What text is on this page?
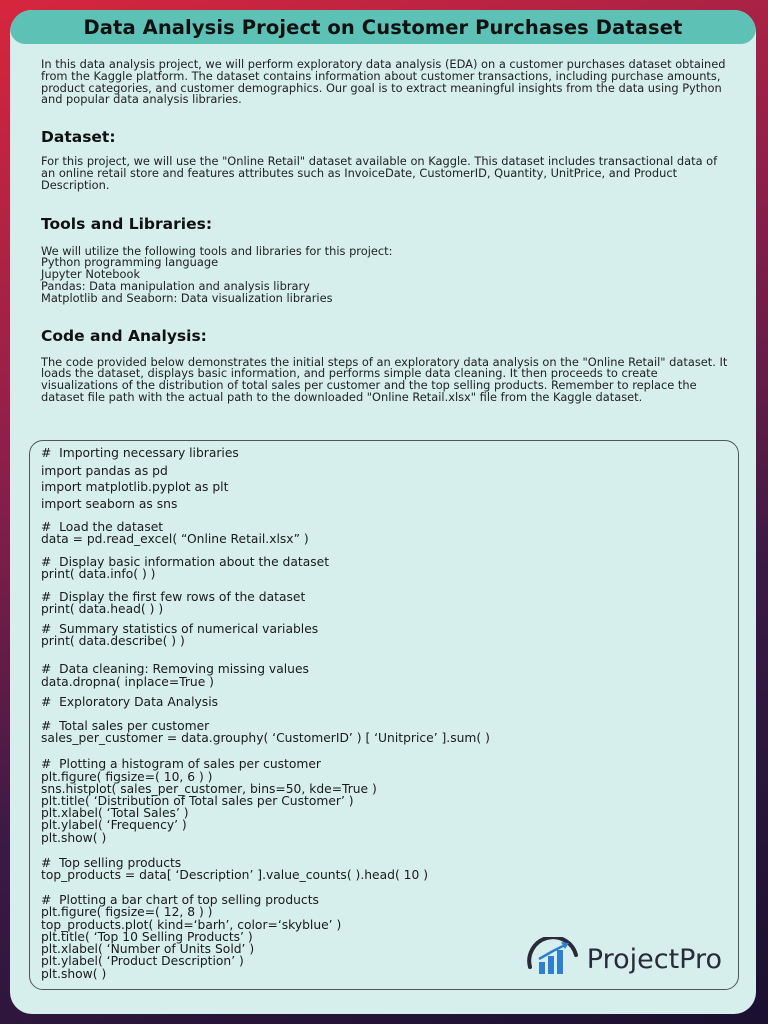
Data Analysis Project on Customer Purchases Dataset

In this data analysis project, we will perform exploratory data analysis (EDA) on a customer purchases dataset obtained from the Kaggle platform. The dataset contains information about customer transactions, including purchase amounts, product categories, and customer demographics. Our goal is to extract meaningful insights from the data using Python and popular data analysis libraries.

Dataset:

For this project, we will use the "Online Retail" dataset available on Kaggle. This dataset includes transactional data of an online retail store and features attributes such as InvoiceDate, CustomerID, Quantity, UnitPrice, and Product Description.

Tools and Libraries:

We will utilize the following tools and libraries for this project:
Python programming language
Jupyter Notebook
Pandas: Data manipulation and analysis library
Matplotlib and Seaborn: Data visualization libraries

Code and Analysis:

The code provided below demonstrates the initial steps of an exploratory data analysis on the "Online Retail" dataset. It loads the dataset, displays basic information, and performs simple data cleaning. It then proceeds to create visualizations of the distribution of total sales per customer and the top selling products. Remember to replace the dataset file path with the actual path to the downloaded "Online Retail.xlsx" file from the Kaggle dataset.

#  Importing necessary libraries
import pandas as pd
import matplotlib.pyplot as plt
import seaborn as sns
#  Load the dataset
data = pd.read_excel( “Online Retail.xlsx” )
#  Display basic information about the dataset
print( data.info( ) )
#  Display the first few rows of the dataset
print( data.head( ) )
#  Summary statistics of numerical variables
print( data.describe( ) )
#  Data cleaning: Removing missing values
data.dropna( inplace=True )
#  Exploratory Data Analysis
#  Total sales per customer
sales_per_customer = data.grouphy( ‘CustomerID’ ) [ ‘Unitprice’ ].sum( )
#  Plotting a histogram of sales per customer
plt.figure( figsize=( 10, 6 ) )
sns.histplot( sales_per_customer, bins=50, kde=True )
plt.title( ‘Distribution of Total sales per Customer’ )
plt.xlabel( ‘Total Sales’ )
plt.ylabel( ‘Frequency’ )
plt.show( )
#  Top selling products
top_products = data[ ‘Description’ ].value_counts( ).head( 10 )
#  Plotting a bar chart of top selling products
plt.figure( figsize=( 12, 8 ) )
top_products.plot( kind=‘barh’, color=‘skyblue’ )
plt.title( ‘Top 10 Selling Products’ )
plt.xlabel( ‘Number of Units Sold’ )
plt.ylabel( ‘Product Description’ )
plt.show( )	ProjectPro
